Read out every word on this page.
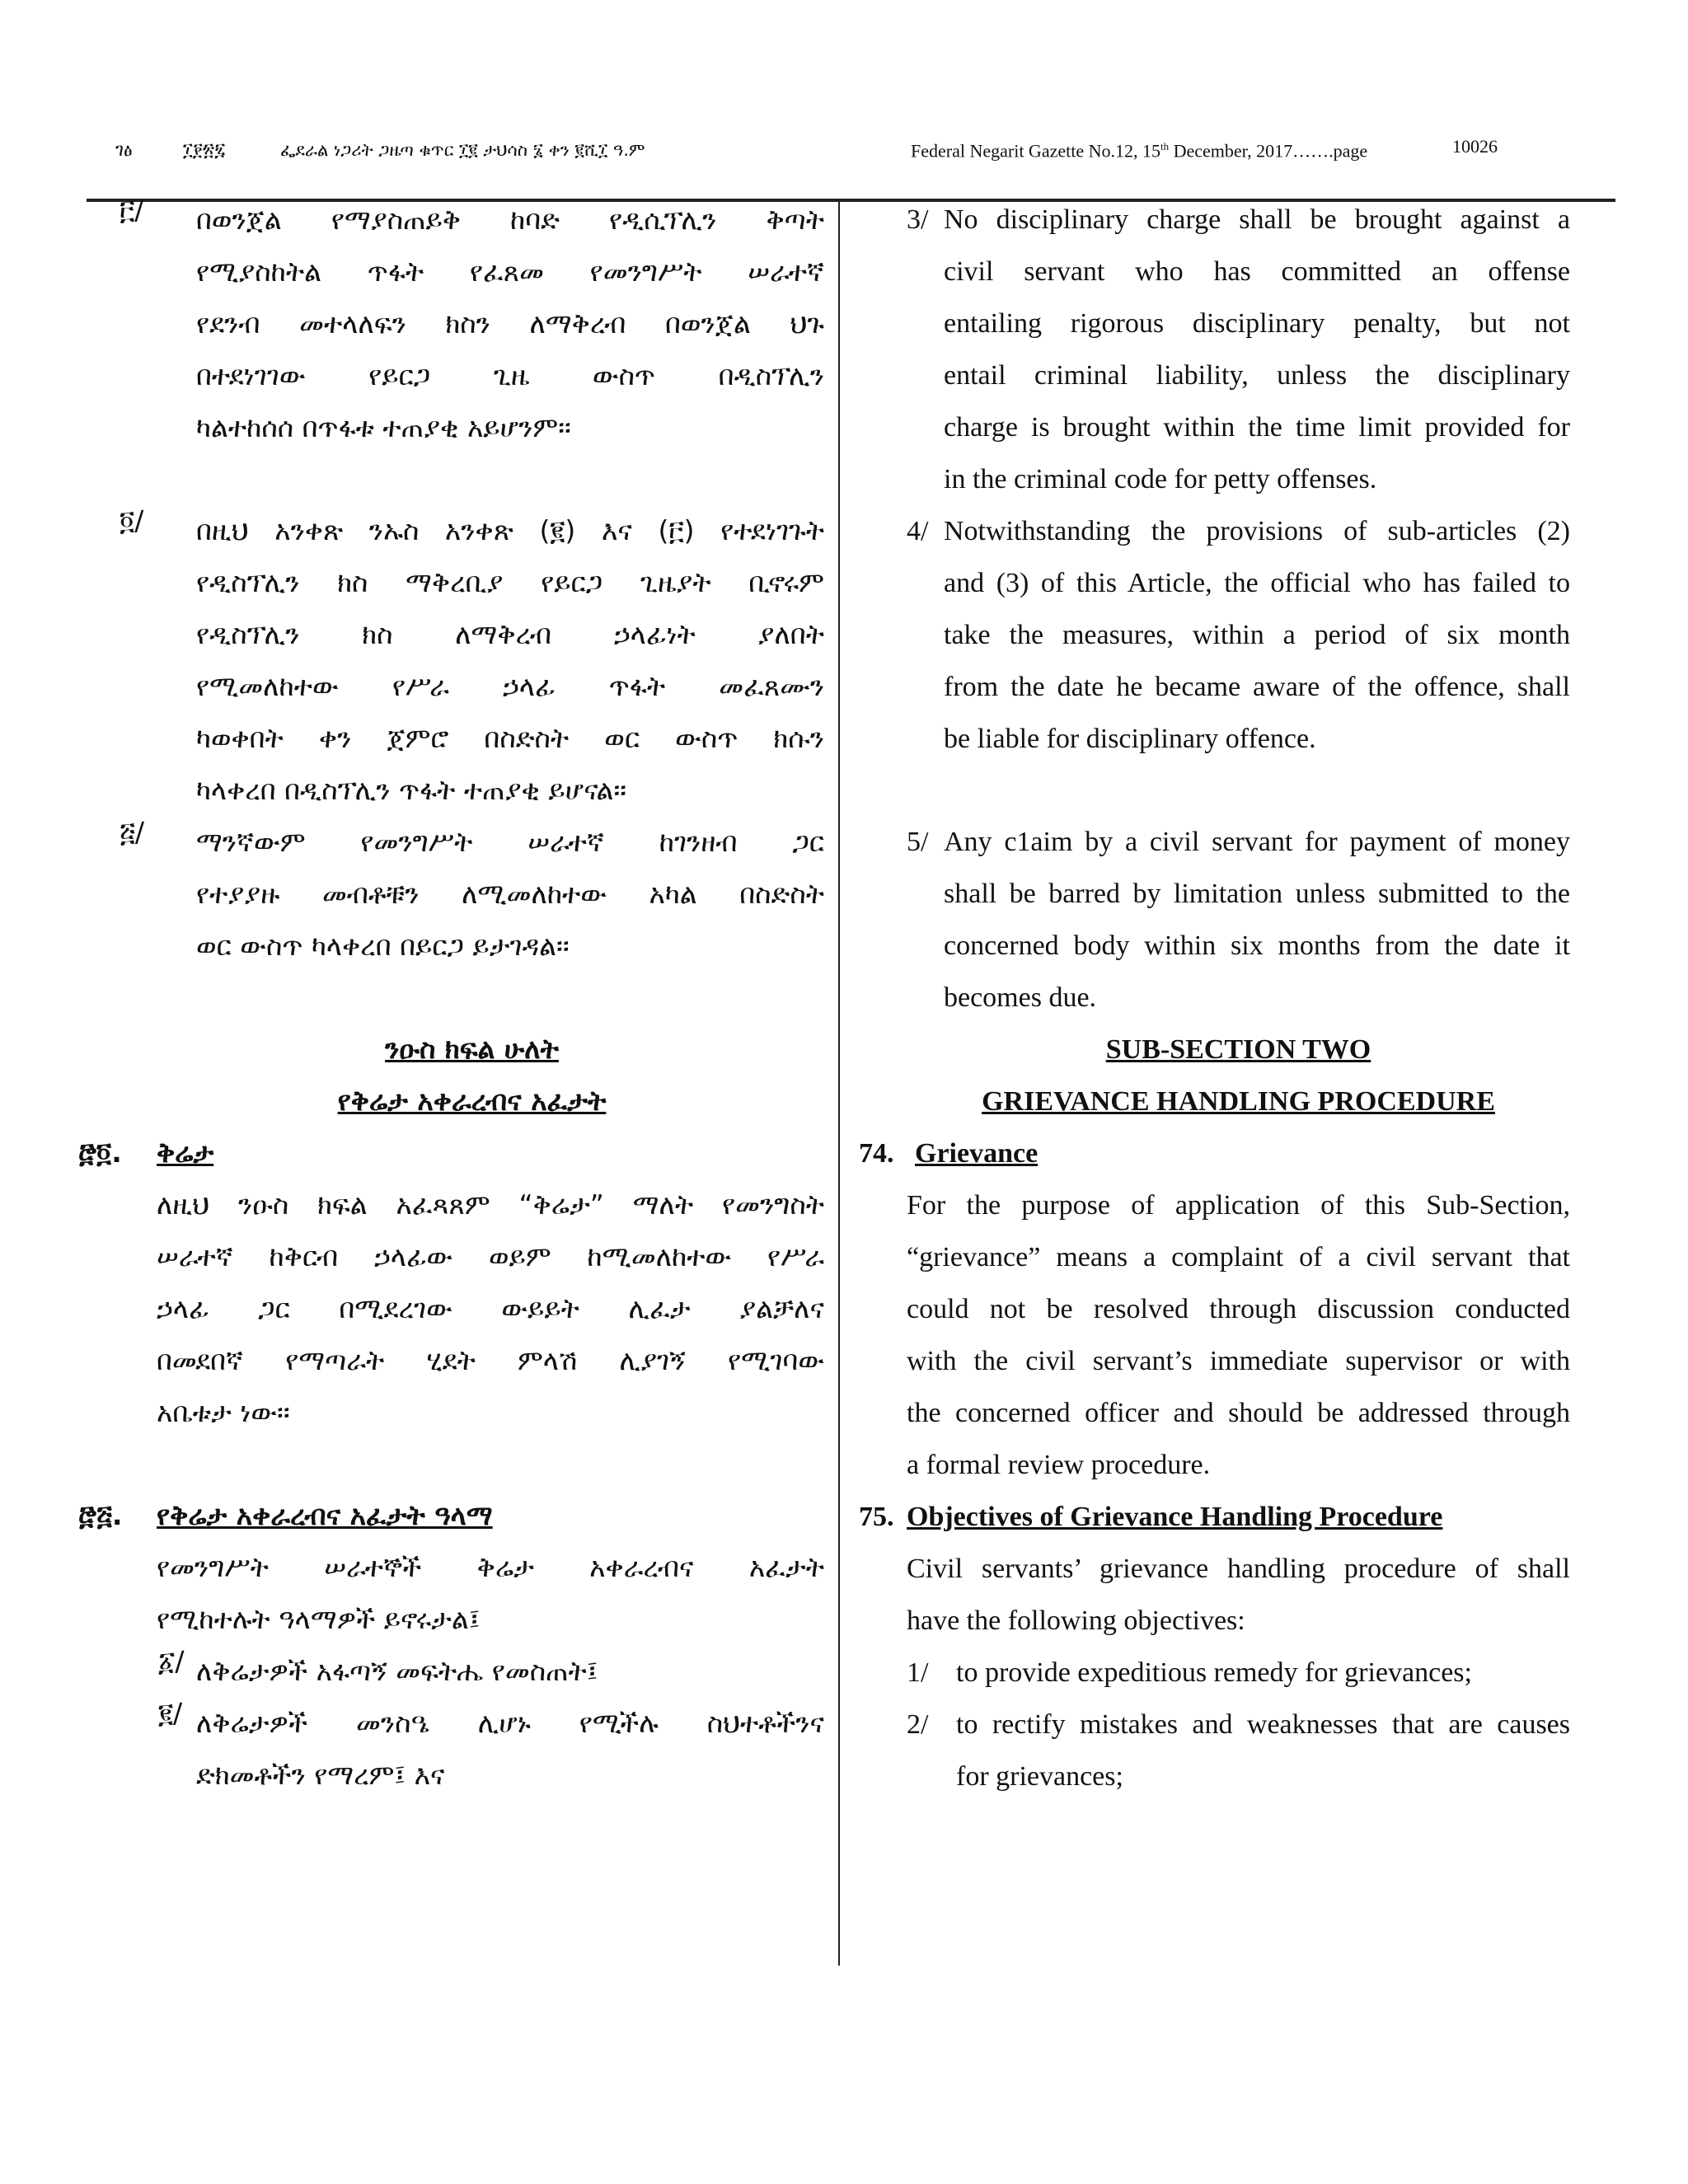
ገፅ	፲፻፳፯	ፌደራል ነጋሪት ጋዜጣ ቁጥር ፲፪ ታህሳስ ፮ ቀን ፪ሺ፲ ዓ.ም	Federal Negarit Gazette No.12, 15th December, 2017…….page	10026
፫/ በወንጀል የማያስጠይቅ ከባድ የዲሲፕሊን ቅጣት
የሚያስከትል ጥፋት የፈጸመ የመንግሥት ሠራተኛ
የደንብ መተላለፍን ክስን ለማቅረብ በወንጀል ህጉ
በተደነገገው የይርጋ ጊዜ ውስጥ በዲስፕሊን
ካልተከሰሰ በጥፋቱ ተጠያቂ አይሆንም፡፡
፬/ በዚህ አንቀጽ ንኡስ አንቀጽ (፪) እና (፫) የተደነገጉት
የዲስፕሊን ክስ ማቅረቢያ የይርጋ ጊዜያት ቢኖሩም
የዲስፕሊን ክስ ለማቅረብ ኃላፊነት ያለበት
የሚመለከተው የሥራ ኃላፊ ጥፋት መፈጸሙን
ካወቀበት ቀን ጀምሮ በስድስት ወር ውስጥ ክሱን
ካላቀረበ በዲስፕሊን ጥፋት ተጠያቂ ይሆናል፡፡
፭/ ማንኛውም የመንግሥት ሠራተኛ ከገንዘብ ጋር
የተያያዙ መብቶቹን ለሚመለከተው አካል በስድስት
ወር ውስጥ ካላቀረበ በይርጋ ይታገዳል፡፡
ንዑስ ክፍል ሁለት
የቅሬታ አቀራረብና አፈታት
፸፬. ቅሬታ
ለዚህ ንዑስ ክፍል አፈጻጸም “ቅሬታ” ማለት የመንግስት
ሠራተኛ ከቅርብ ኃላፊው ወይም ከሚመለከተው የሥራ
ኃላፊ ጋር በሚደረገው ውይይት ሊፈታ ያልቻለና
በመደበኛ የማጣራት ሂደት ምላሽ ሊያገኝ የሚገባው
አቤቱታ ነው፡፡
፸፭. የቅሬታ አቀራረብና አፈታት ዓላማ
የመንግሥት ሠራተኞች ቅሬታ አቀራረብና አፈታት
የሚከተሉት ዓላማዎች ይኖሩታል፤
፩/ ለቅሬታዎች አፋጣኝ መፍትሔ የመስጠት፤
፪/ ለቅሬታዎች መንስዔ ሊሆኑ የሚችሉ ስህተቶችንና
ድክመቶችን የማረም፤ እና
3/ No disciplinary charge shall be brought against a
civil servant who has committed an offense
entailing rigorous disciplinary penalty, but not
entail criminal liability, unless the disciplinary
charge is brought within the time limit provided for
in the criminal code for petty offenses.
4/ Notwithstanding the provisions of sub-articles (2)
and (3) of this Article, the official who has failed to
take the measures, within a period of six month
from the date he became aware of the offence, shall
be liable for disciplinary offence.
5/ Any c1aim by a civil servant for payment of money
shall be barred by limitation unless submitted to the
concerned body within six months from the date it
becomes due.
SUB-SECTION TWO
GRIEVANCE HANDLING PROCEDURE
74. Grievance
For the purpose of application of this Sub-Section,
“grievance” means a complaint of a civil servant that
could not be resolved through discussion conducted
with the civil servant’s immediate supervisor or with
the concerned officer and should be addressed through
a formal review procedure.
75. Objectives of Grievance Handling Procedure
Civil servants’ grievance handling procedure of shall
have the following objectives:
1/ to provide expeditious remedy for grievances;
2/ to rectify mistakes and weaknesses that are causes
for grievances;
